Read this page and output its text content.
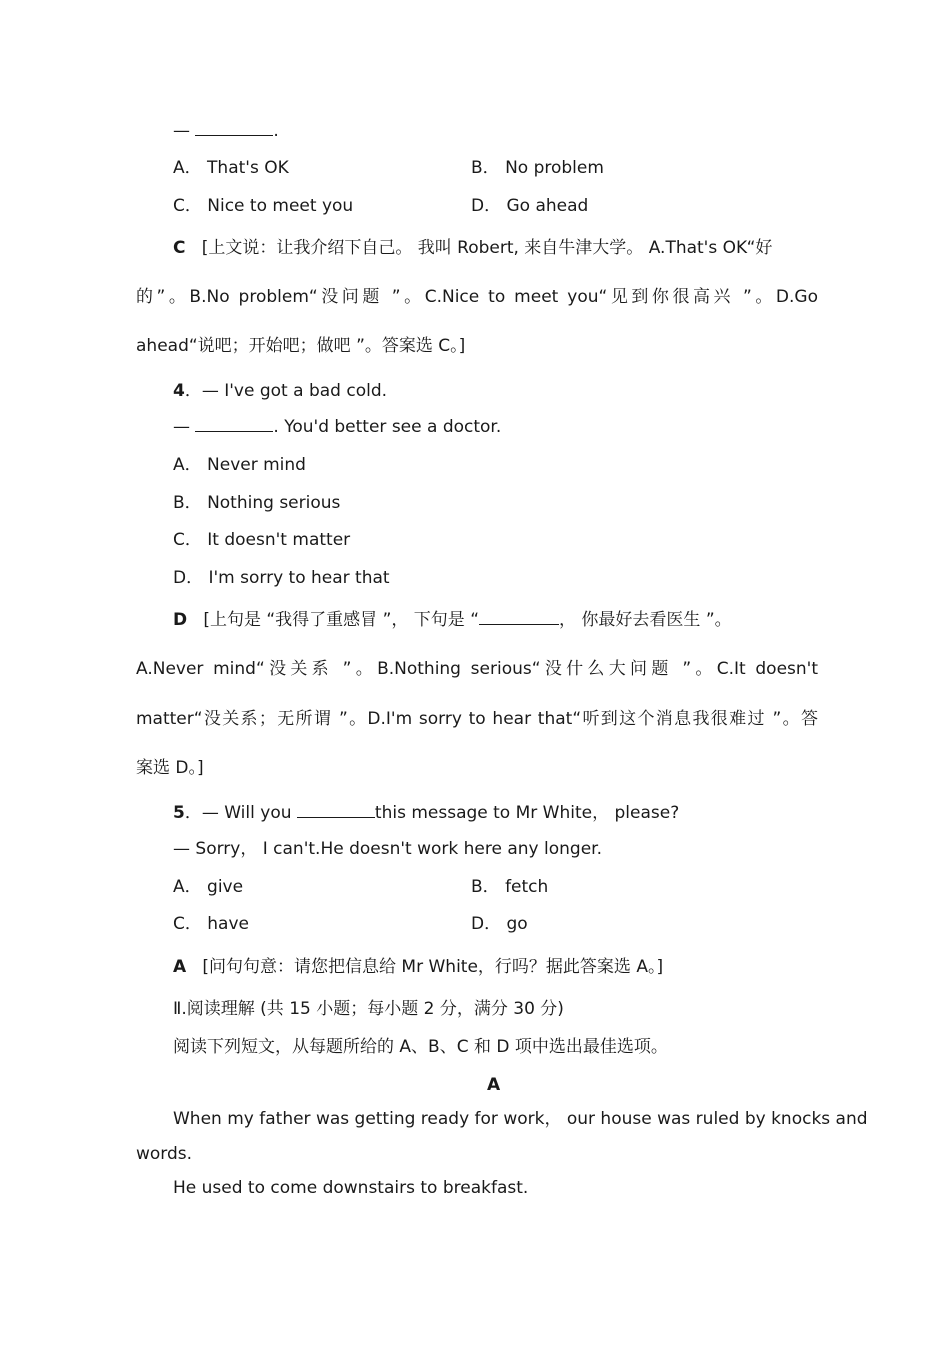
—	.
A． That's OK	B． No problem
C． Nice to meet you	D． Go ahead
C [上文说：让我介绍下自己。 我叫 Robert, 来自牛津大学。 A.That's OK“好
的”。B.No problem“没问题 ”。C.Nice to meet you“见到你很高兴 ”。D.Go
ahead“说吧；开始吧；做吧 ”。答案选 C。]
4．— I've got a bad cold.
—	. You'd better see a doctor.
A． Never mind
B． Nothing serious
C． It doesn't matter
D． I'm sorry to hear that
D [上句是 “我得了重感冒 ”， 下句是 “	， 你最好去看医生 ”。
A.Never mind“没关系 ”。B.Nothing serious“没什么大问题 ”。C.It doesn't
matter“没关系；无所谓 ”。D.I'm sorry to hear that“听到这个消息我很难过 ”。答
案选 D。]
5．— Will you	this message to Mr White， please?
— Sorry， I can't.He doesn't work here any longer.
A． give	B． fetch
C． have	D． go
A [问句句意：请您把信息给 Mr White，行吗？据此答案选 A。]
Ⅱ.阅读理解 (共 15 小题；每小题 2 分，满分 30 分)
阅读下列短文，从每题所给的 A、B、C 和 D 项中选出最佳选项。
A
When my father was getting ready for work， our house was ruled by knocks and
words.
He used to come downstairs to breakfast.
